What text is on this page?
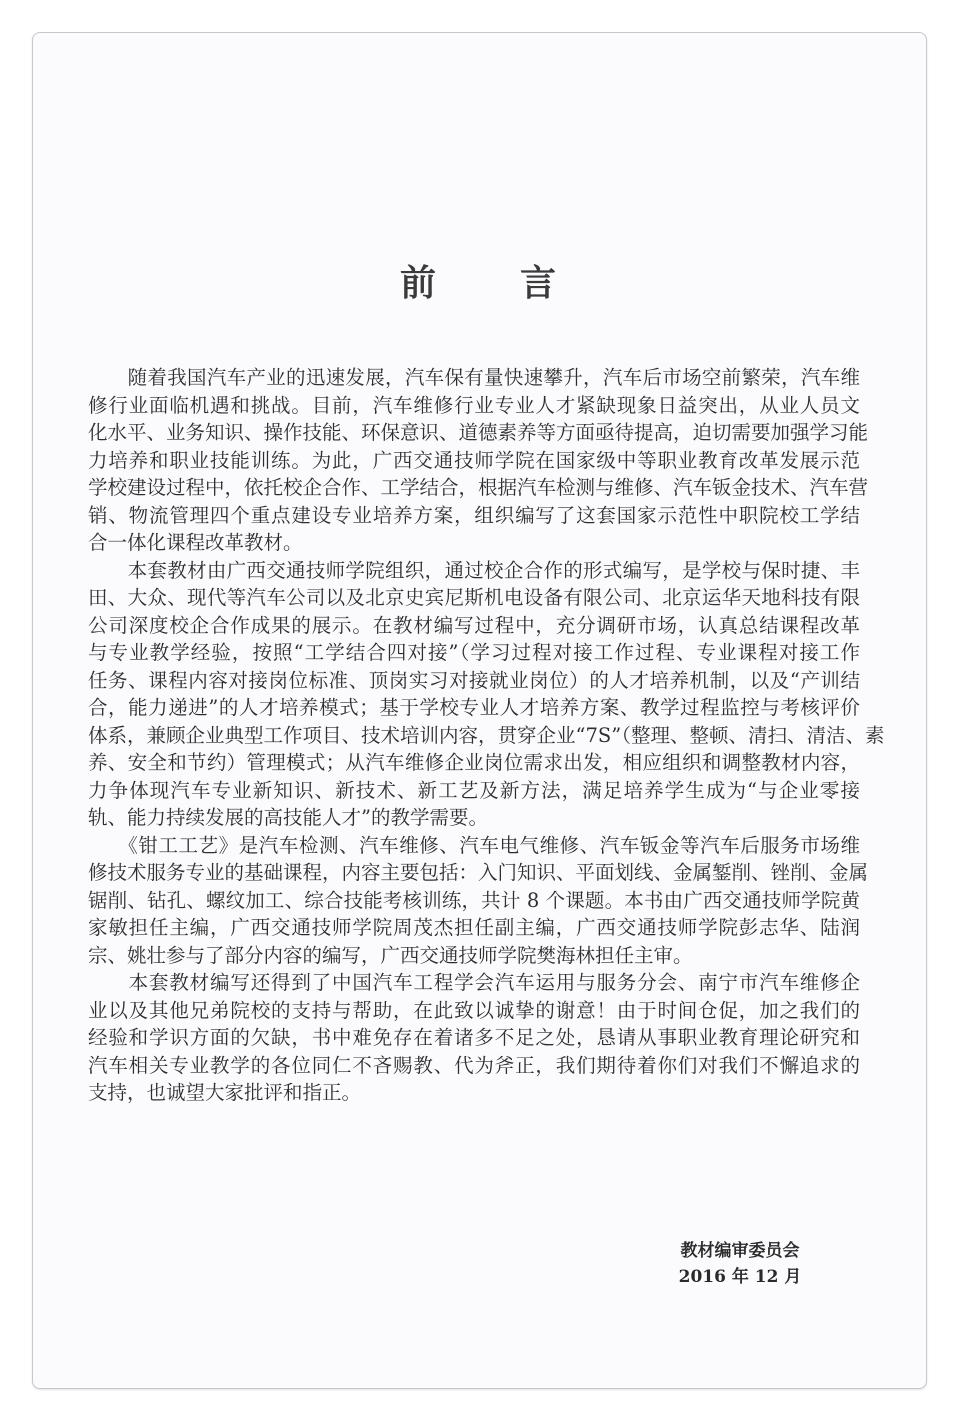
前 言
　　随着我国汽车产业的迅速发展，汽车保有量快速攀升，汽车后市场空前繁荣，汽车维
修行业面临机遇和挑战。目前，汽车维修行业专业人才紧缺现象日益突出，从业人员文
化水平、业务知识、操作技能、环保意识、道德素养等方面亟待提高，迫切需要加强学习能
力培养和职业技能训练。为此，广西交通技师学院在国家级中等职业教育改革发展示范
学校建设过程中，依托校企合作、工学结合，根据汽车检测与维修、汽车钣金技术、汽车营
销、物流管理四个重点建设专业培养方案，组织编写了这套国家示范性中职院校工学结
合一体化课程改革教材。
　　本套教材由广西交通技师学院组织，通过校企合作的形式编写，是学校与保时捷、丰
田、大众、现代等汽车公司以及北京史宾尼斯机电设备有限公司、北京运华天地科技有限
公司深度校企合作成果的展示。在教材编写过程中，充分调研市场，认真总结课程改革
与专业教学经验，按照“工学结合四对接”（学习过程对接工作过程、专业课程对接工作
任务、课程内容对接岗位标准、顶岗实习对接就业岗位）的人才培养机制，以及“产训结
合，能力递进”的人才培养模式；基于学校专业人才培养方案、教学过程监控与考核评价
体系，兼顾企业典型工作项目、技术培训内容，贯穿企业“7S”（整理、整顿、清扫、清洁、素
养、安全和节约）管理模式；从汽车维修企业岗位需求出发，相应组织和调整教材内容，
力争体现汽车专业新知识、新技术、新工艺及新方法，满足培养学生成为“与企业零接
轨、能力持续发展的高技能人才”的教学需要。
　　《钳工工艺》是汽车检测、汽车维修、汽车电气维修、汽车钣金等汽车后服务市场维
修技术服务专业的基础课程，内容主要包括：入门知识、平面划线、金属錾削、锉削、金属
锯削、钻孔、螺纹加工、综合技能考核训练，共计 8 个课题。本书由广西交通技师学院黄
家敏担任主编，广西交通技师学院周茂杰担任副主编，广西交通技师学院彭志华、陆润
宗、姚壮参与了部分内容的编写，广西交通技师学院樊海林担任主审。
　　本套教材编写还得到了中国汽车工程学会汽车运用与服务分会、南宁市汽车维修企
业以及其他兄弟院校的支持与帮助，在此致以诚挚的谢意！由于时间仓促，加之我们的
经验和学识方面的欠缺，书中难免存在着诸多不足之处，恳请从事职业教育理论研究和
汽车相关专业教学的各位同仁不吝赐教、代为斧正，我们期待着你们对我们不懈追求的
支持，也诚望大家批评和指正。
教材编审委员会
2016 年 12 月
